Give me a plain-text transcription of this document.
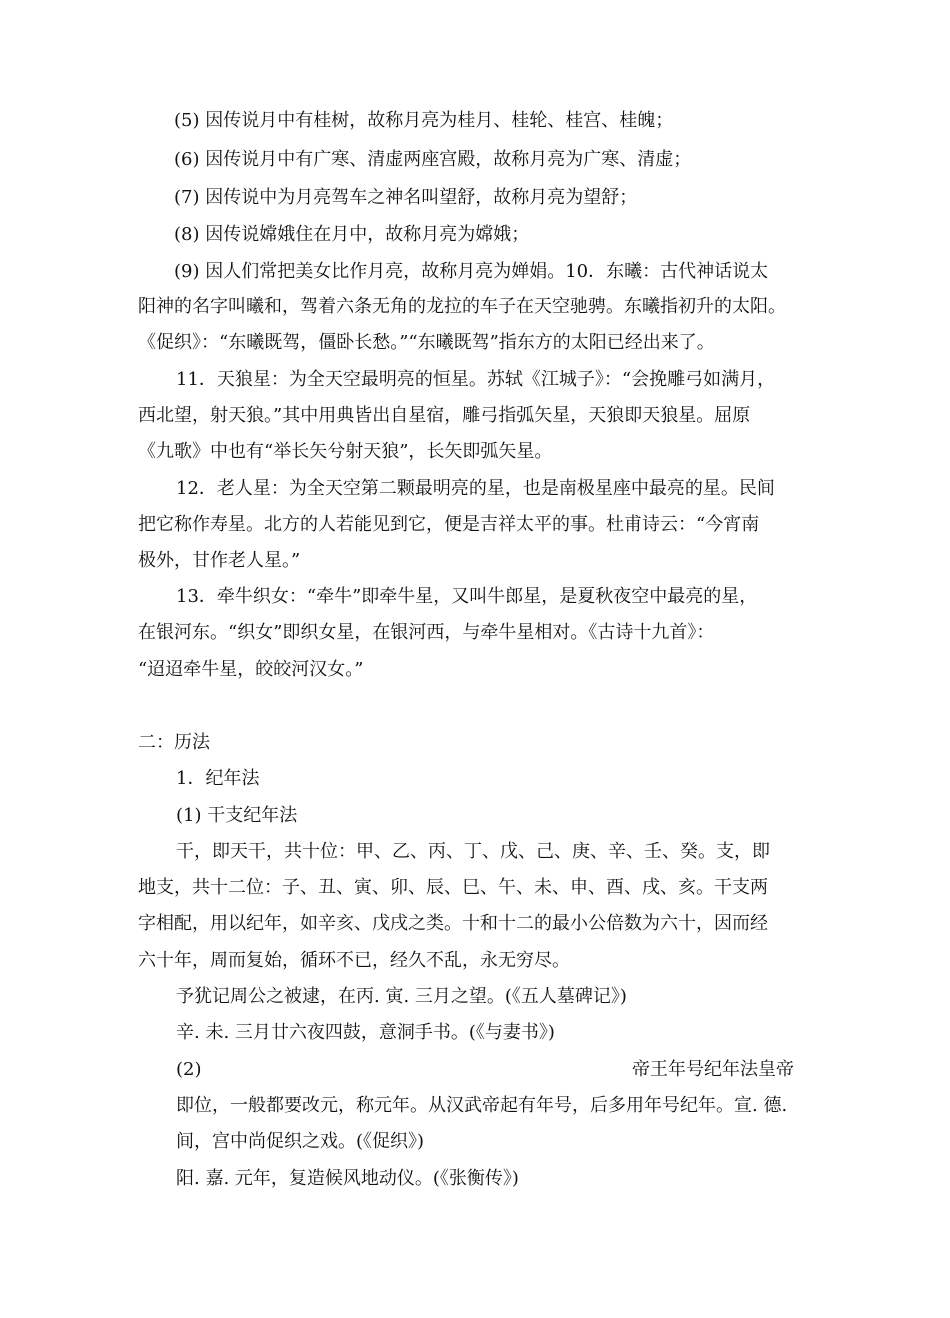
(5) 因传说月中有桂树，故称月亮为桂月、桂轮、桂宫、桂魄；

(6) 因传说月中有广寒、清虚两座宫殿，故称月亮为广寒、清虚；

(7) 因传说中为月亮驾车之神名叫望舒，故称月亮为望舒；

(8) 因传说嫦娥住在月中，故称月亮为嫦娥；

(9) 因人们常把美女比作月亮，故称月亮为婵娟。10．东曦：古代神话说太

阳神的名字叫曦和，驾着六条无角的龙拉的车子在天空驰骋。东曦指初升的太阳。

《促织》：“东曦既驾，僵卧长愁。”“东曦既驾”指东方的太阳已经出来了。

11．天狼星：为全天空最明亮的恒星。苏轼《江城子》：“会挽雕弓如满月，

西北望，射天狼。”其中用典皆出自星宿，雕弓指弧矢星，天狼即天狼星。屈原

《九歌》中也有“举长矢兮射天狼”，长矢即弧矢星。

12．老人星：为全天空第二颗最明亮的星，也是南极星座中最亮的星。民间

把它称作寿星。北方的人若能见到它，便是吉祥太平的事。杜甫诗云：“今宵南

极外，甘作老人星。”

13．牵牛织女：“牵牛”即牵牛星，又叫牛郎星，是夏秋夜空中最亮的星，

在银河东。“织女”即织女星，在银河西，与牵牛星相对。《古诗十九首》：

“迢迢牵牛星，皎皎河汉女。”

二：历法

1．纪年法

(1) 干支纪年法

干，即天干，共十位：甲、乙、丙、丁、戊、己、庚、辛、壬、癸。支，即

地支，共十二位：子、丑、寅、卯、辰、巳、午、未、申、酉、戌、亥。干支两

字相配，用以纪年，如辛亥、戊戌之类。十和十二的最小公倍数为六十，因而经

六十年，周而复始，循环不已，经久不乱，永无穷尽。

予犹记周公之被逮，在丙. 寅. 三月之望。(《五人墓碑记》)

辛. 未. 三月廿六夜四鼓，意洞手书。(《与妻书》)

(2)	帝王年号纪年法皇帝

即位，一般都要改元，称元年。从汉武帝起有年号，后多用年号纪年。宣. 德.

间，宫中尚促织之戏。(《促织》)

阳. 嘉. 元年，复造候风地动仪。(《张衡传》)
